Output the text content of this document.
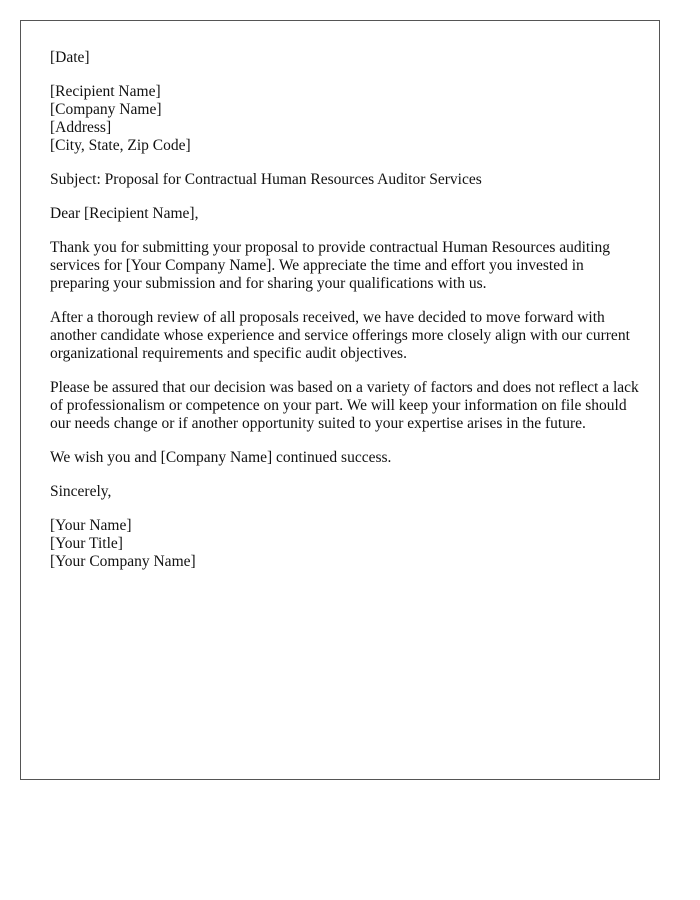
[Date]
[Recipient Name]
[Company Name]
[Address]
[City, State, Zip Code]

Subject: Proposal for Contractual Human Resources Auditor Services

Dear [Recipient Name],

Thank you for submitting your proposal to provide contractual Human Resources auditing services for [Your Company Name]. We appreciate the time and effort you invested in preparing your submission and for sharing your qualifications with us.

After a thorough review of all proposals received, we have decided to move forward with another candidate whose experience and service offerings more closely align with our current organizational requirements and specific audit objectives.

Please be assured that our decision was based on a variety of factors and does not reflect a lack of professionalism or competence on your part. We will keep your information on file should our needs change or if another opportunity suited to your expertise arises in the future.

We wish you and [Company Name] continued success.

Sincerely,

[Your Name]
[Your Title]
[Your Company Name]
